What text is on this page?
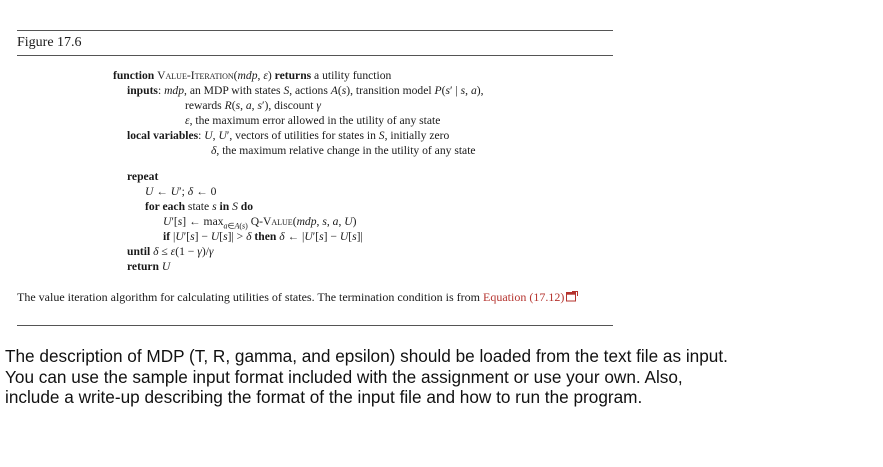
Figure 17.6
function Value-Iteration(mdp, ε) returns a utility function
inputs: mdp, an MDP with states S, actions A(s), transition model P(s′ | s, a),
rewards R(s, a, s′), discount γ
ε, the maximum error allowed in the utility of any state
local variables: U, U′, vectors of utilities for states in S, initially zero
δ, the maximum relative change in the utility of any state
repeat
U ← U′; δ ← 0
for each state s in S do
U′[s] ← $\max_{a\in A(s)}$ Q-Value(mdp, s, a, U)
if |U′[s] − U[s]| > δ then δ ← |U′[s] − U[s]|
until δ ≤ ε(1 − γ)/γ
return U
The value iteration algorithm for calculating utilities of states. The termination condition is from Equation (17.12)
The description of MDP (T, R, gamma, and epsilon) should be loaded from the text file as input.
You can use the sample input format included with the assignment or use your own. Also,
include a write-up describing the format of the input file and how to run the program.
